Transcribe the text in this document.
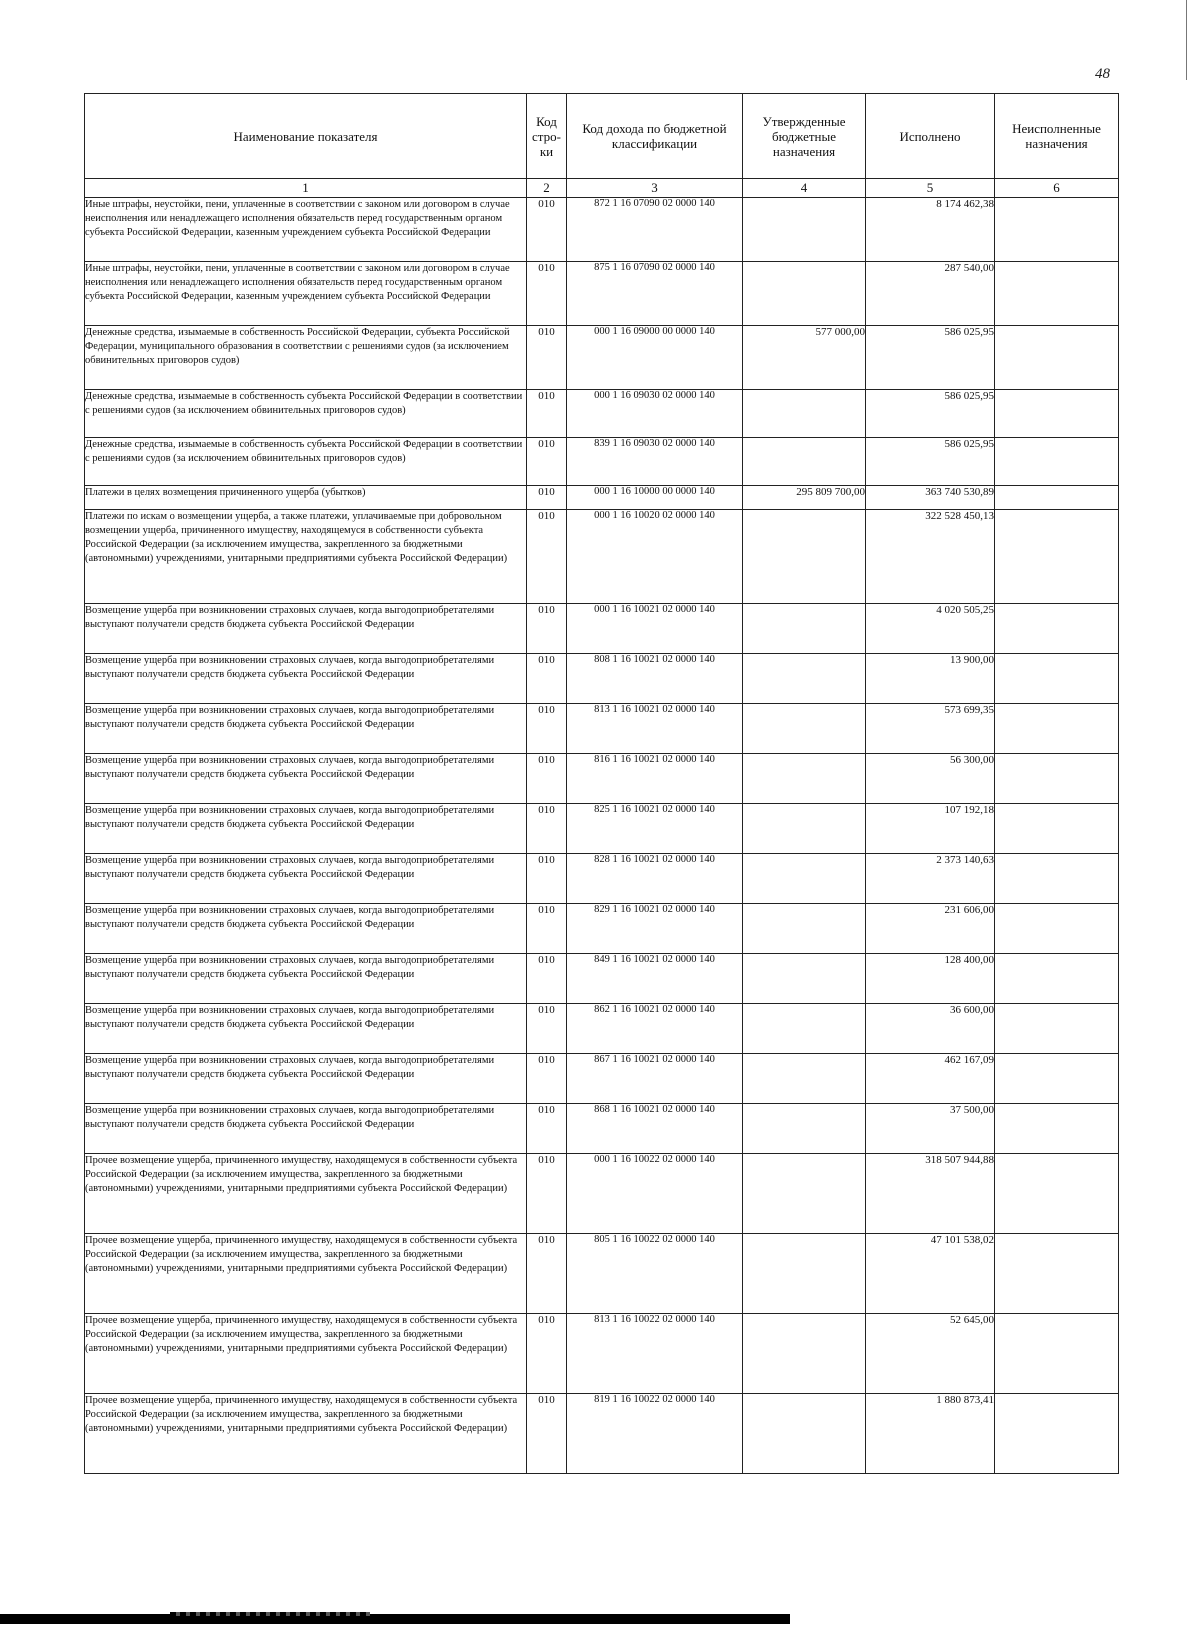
48
Наименование показателя	Код стро- ки	Код дохода по бюджетной классификации	Утвержденные бюджетные назначения	Исполнено	Неисполненные назначения
1	2	3	4	5	6
Иные штрафы, неустойки, пени, уплаченные в соответствии с законом или договором в случае неисполнения или ненадлежащего исполнения обязательств перед государственным органом субъекта Российской Федерации, казенным учреждением субъекта Российской Федерации	010	872 1 16 07090 02 0000 140		8 174 462,38	
Иные штрафы, неустойки, пени, уплаченные в соответствии с законом или договором в случае неисполнения или ненадлежащего исполнения обязательств перед государственным органом субъекта Российской Федерации, казенным учреждением субъекта Российской Федерации	010	875 1 16 07090 02 0000 140		287 540,00	
Денежные средства, изымаемые в собственность Российской Федерации, субъекта Российской Федерации, муниципального образования в соответствии с решениями судов (за исключением обвинительных приговоров судов)	010	000 1 16 09000 00 0000 140	577 000,00	586 025,95	
Денежные средства, изымаемые в собственность субъекта Российской Федерации в соответствии с решениями судов (за исключением обвинительных приговоров судов)	010	000 1 16 09030 02 0000 140		586 025,95	
Денежные средства, изымаемые в собственность субъекта Российской Федерации в соответствии с решениями судов (за исключением обвинительных приговоров судов)	010	839 1 16 09030 02 0000 140		586 025,95	
Платежи в целях возмещения причиненного ущерба (убытков)	010	000 1 16 10000 00 0000 140	295 809 700,00	363 740 530,89	
Платежи по искам о возмещении ущерба, а также платежи, уплачиваемые при добровольном возмещении ущерба, причиненного имуществу, находящемуся в собственности субъекта Российской Федерации (за исключением имущества, закрепленного за бюджетными (автономными) учреждениями, унитарными предприятиями субъекта Российской Федерации)	010	000 1 16 10020 02 0000 140		322 528 450,13	
Возмещение ущерба при возникновении страховых случаев, когда выгодоприобретателями выступают получатели средств бюджета субъекта Российской Федерации	010	000 1 16 10021 02 0000 140		4 020 505,25	
Возмещение ущерба при возникновении страховых случаев, когда выгодоприобретателями выступают получатели средств бюджета субъекта Российской Федерации	010	808 1 16 10021 02 0000 140		13 900,00	
Возмещение ущерба при возникновении страховых случаев, когда выгодоприобретателями выступают получатели средств бюджета субъекта Российской Федерации	010	813 1 16 10021 02 0000 140		573 699,35	
Возмещение ущерба при возникновении страховых случаев, когда выгодоприобретателями выступают получатели средств бюджета субъекта Российской Федерации	010	816 1 16 10021 02 0000 140		56 300,00	
Возмещение ущерба при возникновении страховых случаев, когда выгодоприобретателями выступают получатели средств бюджета субъекта Российской Федерации	010	825 1 16 10021 02 0000 140		107 192,18	
Возмещение ущерба при возникновении страховых случаев, когда выгодоприобретателями выступают получатели средств бюджета субъекта Российской Федерации	010	828 1 16 10021 02 0000 140		2 373 140,63	
Возмещение ущерба при возникновении страховых случаев, когда выгодоприобретателями выступают получатели средств бюджета субъекта Российской Федерации	010	829 1 16 10021 02 0000 140		231 606,00	
Возмещение ущерба при возникновении страховых случаев, когда выгодоприобретателями выступают получатели средств бюджета субъекта Российской Федерации	010	849 1 16 10021 02 0000 140		128 400,00	
Возмещение ущерба при возникновении страховых случаев, когда выгодоприобретателями выступают получатели средств бюджета субъекта Российской Федерации	010	862 1 16 10021 02 0000 140		36 600,00	
Возмещение ущерба при возникновении страховых случаев, когда выгодоприобретателями выступают получатели средств бюджета субъекта Российской Федерации	010	867 1 16 10021 02 0000 140		462 167,09	
Возмещение ущерба при возникновении страховых случаев, когда выгодоприобретателями выступают получатели средств бюджета субъекта Российской Федерации	010	868 1 16 10021 02 0000 140		37 500,00	
Прочее возмещение ущерба, причиненного имуществу, находящемуся в собственности субъекта Российской Федерации (за исключением имущества, закрепленного за бюджетными (автономными) учреждениями, унитарными предприятиями субъекта Российской Федерации)	010	000 1 16 10022 02 0000 140		318 507 944,88	
Прочее возмещение ущерба, причиненного имуществу, находящемуся в собственности субъекта Российской Федерации (за исключением имущества, закрепленного за бюджетными (автономными) учреждениями, унитарными предприятиями субъекта Российской Федерации)	010	805 1 16 10022 02 0000 140		47 101 538,02	
Прочее возмещение ущерба, причиненного имуществу, находящемуся в собственности субъекта Российской Федерации (за исключением имущества, закрепленного за бюджетными (автономными) учреждениями, унитарными предприятиями субъекта Российской Федерации)	010	813 1 16 10022 02 0000 140		52 645,00	
Прочее возмещение ущерба, причиненного имуществу, находящемуся в собственности субъекта Российской Федерации (за исключением имущества, закрепленного за бюджетными (автономными) учреждениями, унитарными предприятиями субъекта Российской Федерации)	010	819 1 16 10022 02 0000 140		1 880 873,41	
